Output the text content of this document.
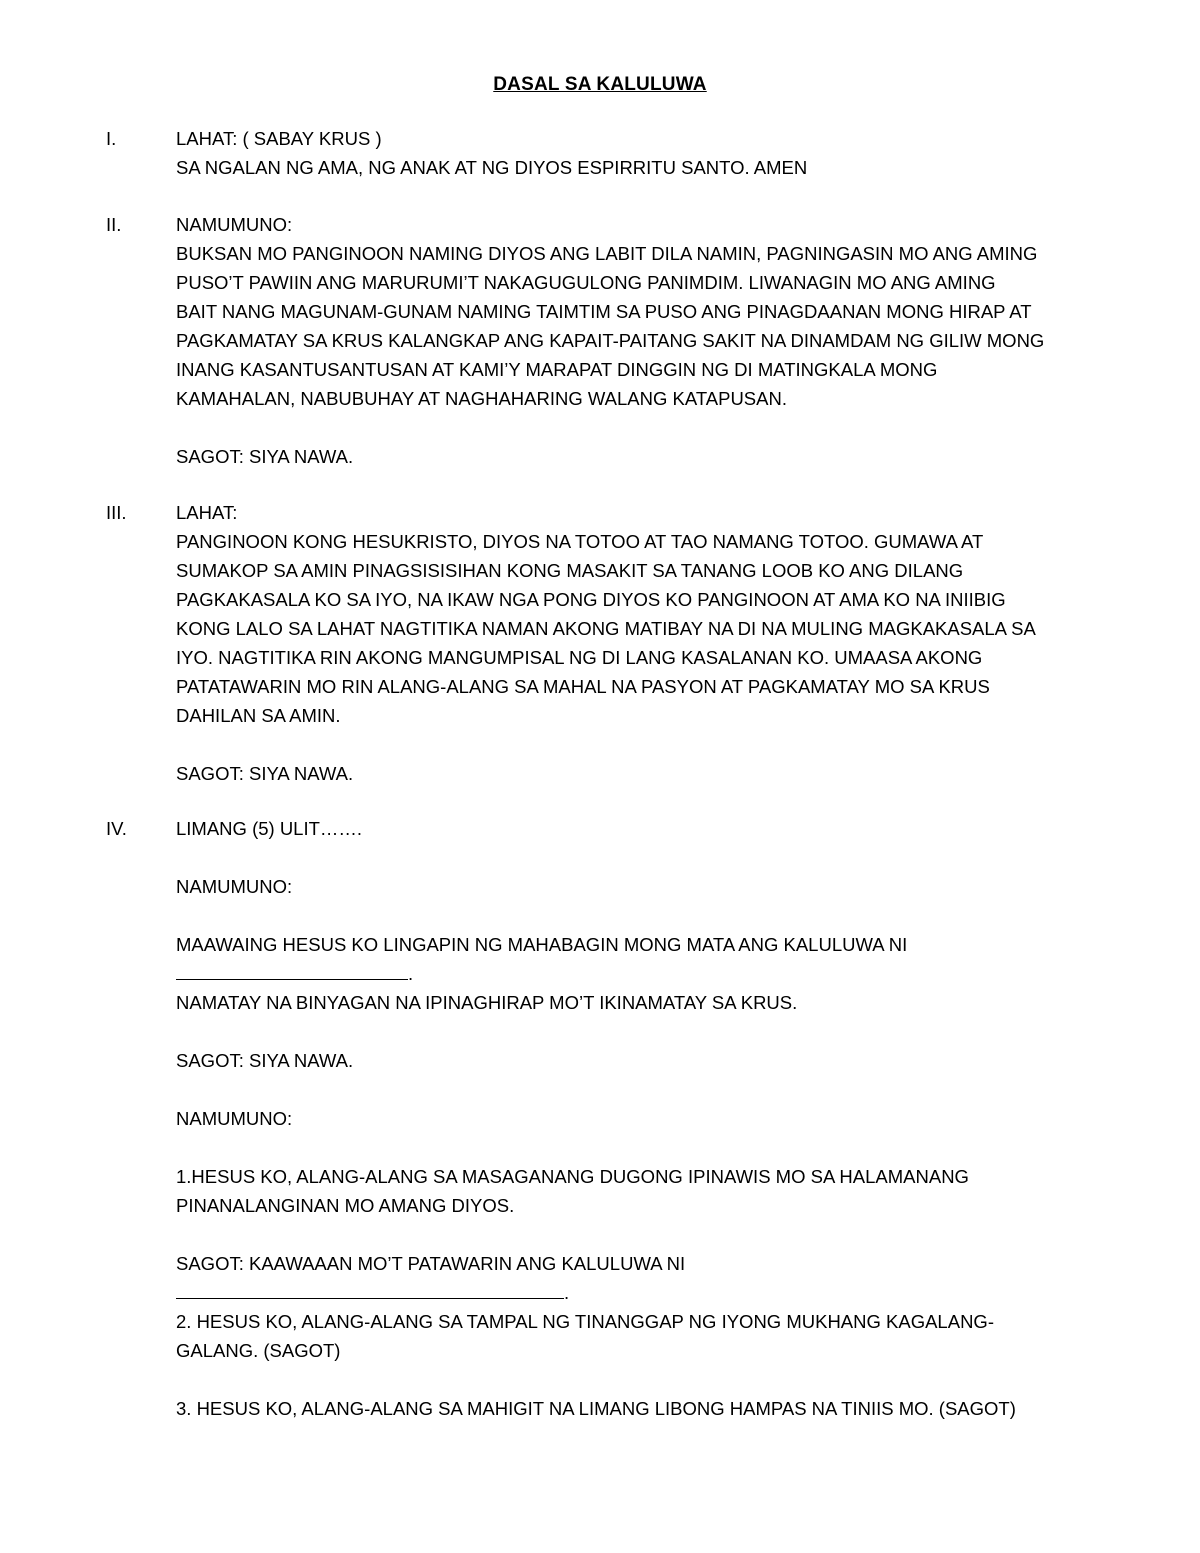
DASAL SA KALULUWA
I.	LAHAT: ( SABAY KRUS )
SA NGALAN NG AMA, NG ANAK AT NG DIYOS ESPIRRITU SANTO. AMEN
II.	NAMUMUNO:
BUKSAN MO PANGINOON NAMING DIYOS ANG LABIT DILA NAMIN, PAGNINGASIN MO ANG AMING
PUSO’T PAWIIN ANG MARURUMI’T NAKAGUGULONG PANIMDIM. LIWANAGIN MO ANG AMING
BAIT NANG MAGUNAM-GUNAM NAMING TAIMTIM SA PUSO ANG PINAGDAANAN MONG HIRAP AT
PAGKAMATAY SA KRUS KALANGKAP ANG KAPAIT-PAITANG SAKIT NA DINAMDAM NG GILIW MONG
INANG KASANTUSANTUSAN AT KAMI’Y MARAPAT DINGGIN NG DI MATINGKALA MONG
KAMAHALAN, NABUBUHAY AT NAGHAHARING WALANG KATAPUSAN.
SAGOT: SIYA NAWA.
III.	LAHAT:
PANGINOON KONG HESUKRISTO, DIYOS NA TOTOO AT TAO NAMANG TOTOO. GUMAWA AT
SUMAKOP SA AMIN PINAGSISISIHAN KONG MASAKIT SA TANANG LOOB KO ANG DILANG
PAGKAKASALA KO SA IYO, NA IKAW NGA PONG DIYOS KO PANGINOON AT AMA KO NA INIIBIG
KONG LALO SA LAHAT NAGTITIKA NAMAN AKONG MATIBAY NA DI NA MULING MAGKAKASALA SA
IYO. NAGTITIKA RIN AKONG MANGUMPISAL NG DI LANG KASALANAN KO. UMAASA AKONG
PATATAWARIN MO RIN ALANG-ALANG SA MAHAL NA PASYON AT PAGKAMATAY MO SA KRUS
DAHILAN SA AMIN.
SAGOT: SIYA NAWA.
IV.	LIMANG (5) ULIT…….
NAMUMUNO:
MAAWAING HESUS KO LINGAPIN NG MAHABAGIN MONG MATA ANG KALULUWA NI
.
NAMATAY NA BINYAGAN NA IPINAGHIRAP MO’T IKINAMATAY SA KRUS.
SAGOT: SIYA NAWA.
NAMUMUNO:
1.HESUS KO, ALANG-ALANG SA MASAGANANG DUGONG IPINAWIS MO SA HALAMANANG
PINANALANGINAN MO AMANG DIYOS.
SAGOT: KAAWAAAN MO’T PATAWARIN ANG KALULUWA NI
.
2. HESUS KO, ALANG-ALANG SA TAMPAL NG TINANGGAP NG IYONG MUKHANG KAGALANG-
GALANG. (SAGOT)
3. HESUS KO, ALANG-ALANG SA MAHIGIT NA LIMANG LIBONG HAMPAS NA TINIIS MO. (SAGOT)
